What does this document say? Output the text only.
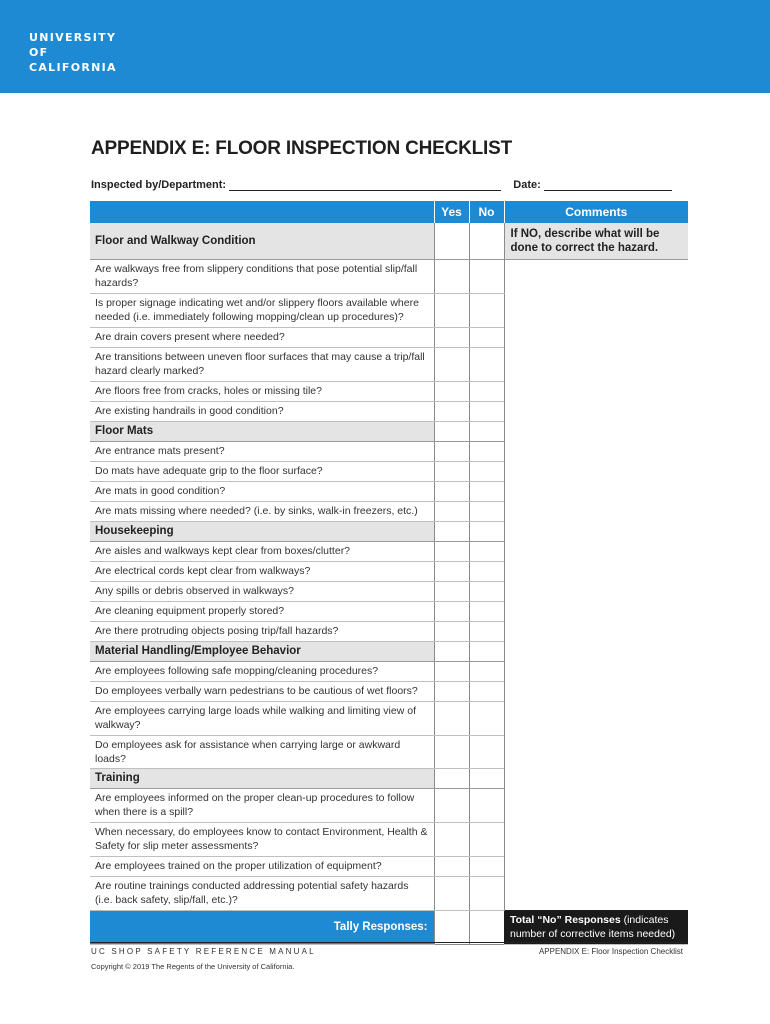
UNIVERSITY
OF
CALIFORNIA
APPENDIX E: FLOOR INSPECTION CHECKLIST
Inspected by/Department:	Date:
	Yes	No	Comments
Floor and Walkway Condition			If NO, describe what will be done to correct the hazard.
Are walkways free from slippery conditions that pose potential slip/fall hazards?			
Is proper signage indicating wet and/or slippery floors available where needed (i.e. immediately following mopping/clean up procedures)?			
Are drain covers present where needed?			
Are transitions between uneven floor surfaces that may cause a trip/fall hazard clearly marked?			
Are floors free from cracks, holes or missing tile?			
Are existing handrails in good condition?			
Floor Mats			
Are entrance mats present?			
Do mats have adequate grip to the floor surface?			
Are mats in good condition?			
Are mats missing where needed? (i.e. by sinks, walk-in freezers, etc.)			
Housekeeping			
Are aisles and walkways kept clear from boxes/clutter?			
Are electrical cords kept clear from walkways?			
Any spills or debris observed in walkways?			
Are cleaning equipment properly stored?			
Are there protruding objects posing trip/fall hazards?			
Material Handling/Employee Behavior			
Are employees following safe mopping/cleaning procedures?			
Do employees verbally warn pedestrians to be cautious of wet floors?			
Are employees carrying large loads while walking and limiting view of walkway?			
Do employees ask for assistance when carrying large or awkward loads?			
Training			
Are employees informed on the proper clean-up procedures to follow when there is a spill?			
When necessary, do employees know to contact Environment, Health & Safety for slip meter assessments?			
Are employees trained on the proper utilization of equipment?			
Are routine trainings conducted addressing potential safety hazards (i.e. back safety, slip/fall, etc.)?			
Tally Responses:			Total “No” Responses (indicates number of corrective items needed)
UC SHOP SAFETY REFERENCE MANUAL
Copyright © 2019 The Regents of the University of California.
APPENDIX E: Floor Inspection Checklist
